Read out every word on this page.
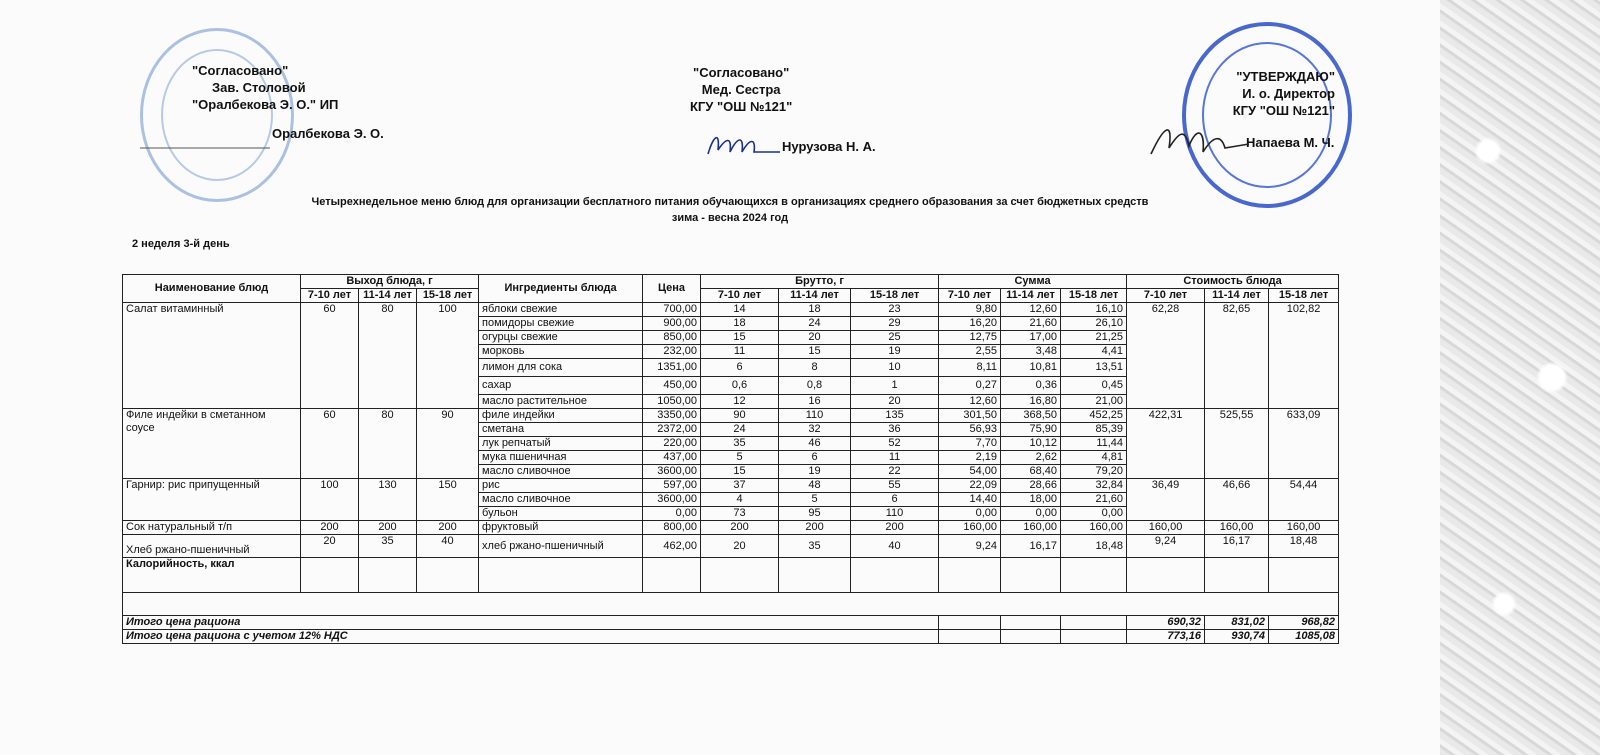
"Согласовано"
Зав. Столовой
"Оралбекова Э. О." ИП
Оралбекова Э. О.
"Согласовано"
Мед. Сестра
КГУ "ОШ №121"
Нурузова Н. А.
"УТВЕРЖДАЮ"
И. о. Директор
КГУ "ОШ №121"
Напаева М. Ч.
Четырехнедельное меню блюд для организации бесплатного питания обучающихся в организациях среднего образования за счет бюджетных средств
зима - весна 2024 год
2 неделя 3-й день
Наименование блюд	Выход блюда, г			Ингредиенты блюда	Цена	Брутто, г			Сумма			Стоимость блюда		
	7-10 лет	11-14 лет	15-18 лет			7-10 лет	11-14 лет	15-18 лет	7-10 лет	11-14 лет	15-18 лет	7-10 лет	11-14 лет	15-18 лет
Салат витаминный	60	80	100	яблоки свежие	700,00	14	18	23	9,80	12,60	16,10	62,28	82,65	102,82
				помидоры свежие	900,00	18	24	29	16,20	21,60	26,10			
				огурцы свежие	850,00	15	20	25	12,75	17,00	21,25			
				морковь	232,00	11	15	19	2,55	3,48	4,41			
				лимон для сока	1351,00	6	8	10	8,11	10,81	13,51			
				сахар	450,00	0,6	0,8	1	0,27	0,36	0,45			
				масло растительное	1050,00	12	16	20	12,60	16,80	21,00			
Филе индейки в сметанном соусе	60	80	90	филе индейки	3350,00	90	110	135	301,50	368,50	452,25	422,31	525,55	633,09
				сметана	2372,00	24	32	36	56,93	75,90	85,39			
				лук репчатый	220,00	35	46	52	7,70	10,12	11,44			
				мука пшеничная	437,00	5	6	11	2,19	2,62	4,81			
				масло сливочное	3600,00	15	19	22	54,00	68,40	79,20			
Гарнир: рис припущенный	100	130	150	рис	597,00	37	48	55	22,09	28,66	32,84	36,49	46,66	54,44
				масло сливочное	3600,00	4	5	6	14,40	18,00	21,60			
				бульон	0,00	73	95	110	0,00	0,00	0,00			
Сок натуральный т/п	200	200	200	фруктовый	800,00	200	200	200	160,00	160,00	160,00	160,00	160,00	160,00
Хлеб ржано-пшеничный	20	35	40	хлеб ржано-пшеничный	462,00	20	35	40	9,24	16,17	18,48	9,24	16,17	18,48
Калорийность, ккал														

Итого цена рациона												690,32	831,02	968,82
Итого цена рациона с учетом 12% НДС												773,16	930,74	1085,08
